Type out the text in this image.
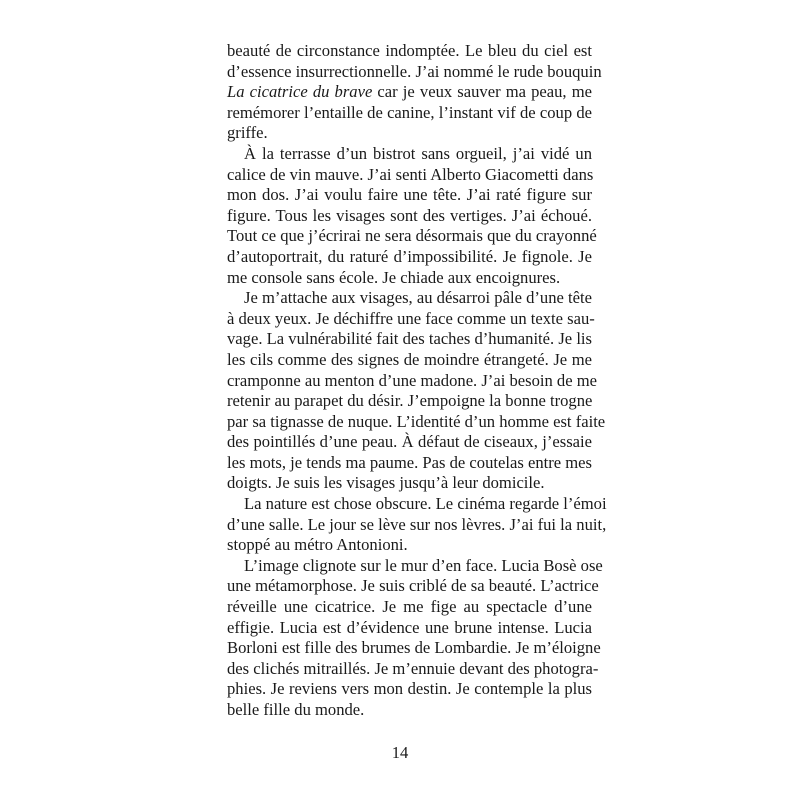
beauté de circonstance indomptée. Le bleu du ciel est
d’essence insurrectionnelle. J’ai nommé le rude bouquin
La cicatrice du brave car je veux sauver ma peau, me
remémorer l’entaille de canine, l’instant vif de coup de
griffe.
À la terrasse d’un bistrot sans orgueil, j’ai vidé un
calice de vin mauve. J’ai senti Alberto Giacometti dans
mon dos. J’ai voulu faire une tête. J’ai raté figure sur
figure. Tous les visages sont des vertiges. J’ai échoué.
Tout ce que j’écrirai ne sera désormais que du crayonné
d’autoportrait, du raturé d’impossibilité. Je fignole. Je
me console sans école. Je chiade aux encoignures.
Je m’attache aux visages, au désarroi pâle d’une tête
à deux yeux. Je déchiffre une face comme un texte sau-
vage. La vulnérabilité fait des taches d’humanité. Je lis
les cils comme des signes de moindre étrangeté. Je me
cramponne au menton d’une madone. J’ai besoin de me
retenir au parapet du désir. J’empoigne la bonne trogne
par sa tignasse de nuque. L’identité d’un homme est faite
des pointillés d’une peau. À défaut de ciseaux, j’essaie
les mots, je tends ma paume. Pas de coutelas entre mes
doigts. Je suis les visages jusqu’à leur domicile.
La nature est chose obscure. Le cinéma regarde l’émoi
d’une salle. Le jour se lève sur nos lèvres. J’ai fui la nuit,
stoppé au métro Antonioni.
L’image clignote sur le mur d’en face. Lucia Bosè ose
une métamorphose. Je suis criblé de sa beauté. L’actrice
réveille une cicatrice. Je me fige au spectacle d’une
effigie. Lucia est d’évidence une brune intense. Lucia
Borloni est fille des brumes de Lombardie. Je m’éloigne
des clichés mitraillés. Je m’ennuie devant des photogra-
phies. Je reviens vers mon destin. Je contemple la plus
belle fille du monde.
14
